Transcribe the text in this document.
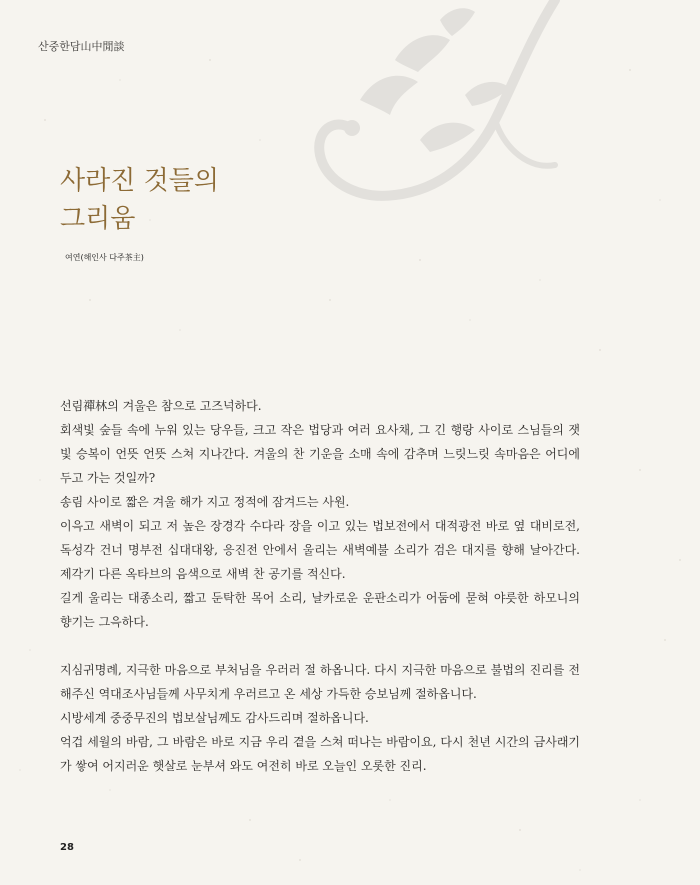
산중한담山中閒談
사라진 것들의
그리움
여연(해인사 다주茶主)

선림禪林의 겨울은 참으로 고즈넉하다.

회색빛 숲들 속에 누워 있는 당우들, 크고 작은 법당과 여러 요사채, 그 긴 행랑 사이로 스님들의 잿빛 승복이 언뜻 언뜻 스쳐 지나간다. 겨울의 찬 기운을 소매 속에 감추며 느릿느릿 속마음은 어디에 두고 가는 것일까?

송림 사이로 짧은 겨울 해가 지고 정적에 잠겨드는 사원.

이윽고 새벽이 되고 저 높은 장경각 수다라 장을 이고 있는 법보전에서 대적광전 바로 옆 대비로전, 독성각 건너 명부전 십대대왕, 응진전 안에서 울리는 새벽예불 소리가 검은 대지를 향해 날아간다. 제각기 다른 옥타브의 음색으로 새벽 찬 공기를 적신다.

길게 울리는 대종소리, 짧고 둔탁한 목어 소리, 날카로운 운판소리가 어둠에 묻혀 야릇한 하모니의 향기는 그윽하다.

지심귀명례, 지극한 마음으로 부처님을 우러러 절 하옵니다. 다시 지극한 마음으로 불법의 진리를 전해주신 역대조사님들께 사무치게 우러르고 온 세상 가득한 승보님께 절하옵니다.

시방세계 중중무진의 법보살님께도 감사드리며 절하옵니다.

억겁 세월의 바람, 그 바람은 바로 지금 우리 곁을 스쳐 떠나는 바람이요, 다시 천년 시간의 금사래기가 쌓여 어지러운 햇살로 눈부셔 와도 여전히 바로 오늘인 오롯한 진리.

28
